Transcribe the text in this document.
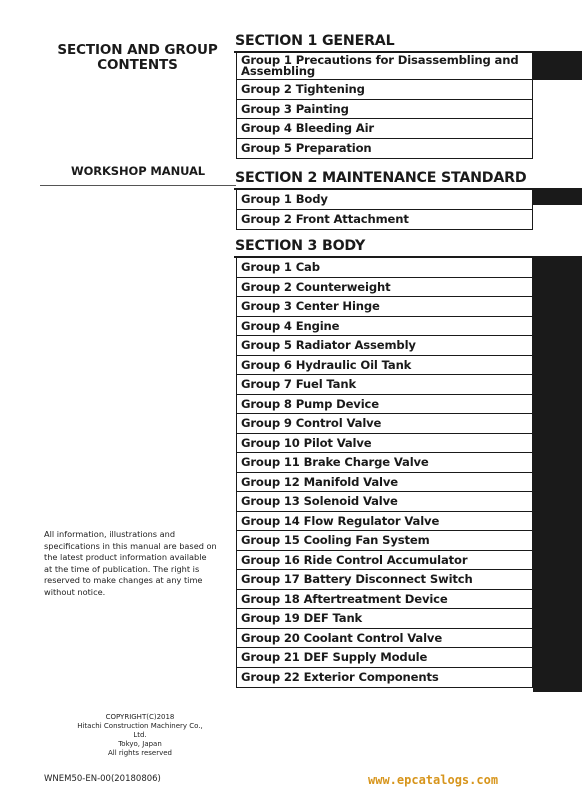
SECTION AND GROUP
CONTENTS
WORKSHOP MANUAL
All information, illustrations and
specifications in this manual are based on
the latest product information available
at the time of publication. The right is
reserved to make changes at any time
without notice.
COPYRIGHT(C)2018
Hitachi Construction Machinery Co., Ltd.
Tokyo, Japan
All rights reserved
WNEM50-EN-00(20180806)	www.epcatalogs.com
SECTION 1 GENERAL
Group 1 Precautions for Disassembling and Assembling
Group 2 Tightening
Group 3 Painting
Group 4 Bleeding Air
Group 5 Preparation
SECTION 2 MAINTENANCE STANDARD
Group 1 Body
Group 2 Front Attachment
SECTION 3 BODY
Group 1 Cab
Group 2 Counterweight
Group 3 Center Hinge
Group 4 Engine
Group 5 Radiator Assembly
Group 6 Hydraulic Oil Tank
Group 7 Fuel Tank
Group 8 Pump Device
Group 9 Control Valve
Group 10 Pilot Valve
Group 11 Brake Charge Valve
Group 12 Manifold Valve
Group 13 Solenoid Valve
Group 14 Flow Regulator Valve
Group 15 Cooling Fan System
Group 16 Ride Control Accumulator
Group 17 Battery Disconnect Switch
Group 18 Aftertreatment Device
Group 19 DEF Tank
Group 20 Coolant Control Valve
Group 21 DEF Supply Module
Group 22 Exterior Components
